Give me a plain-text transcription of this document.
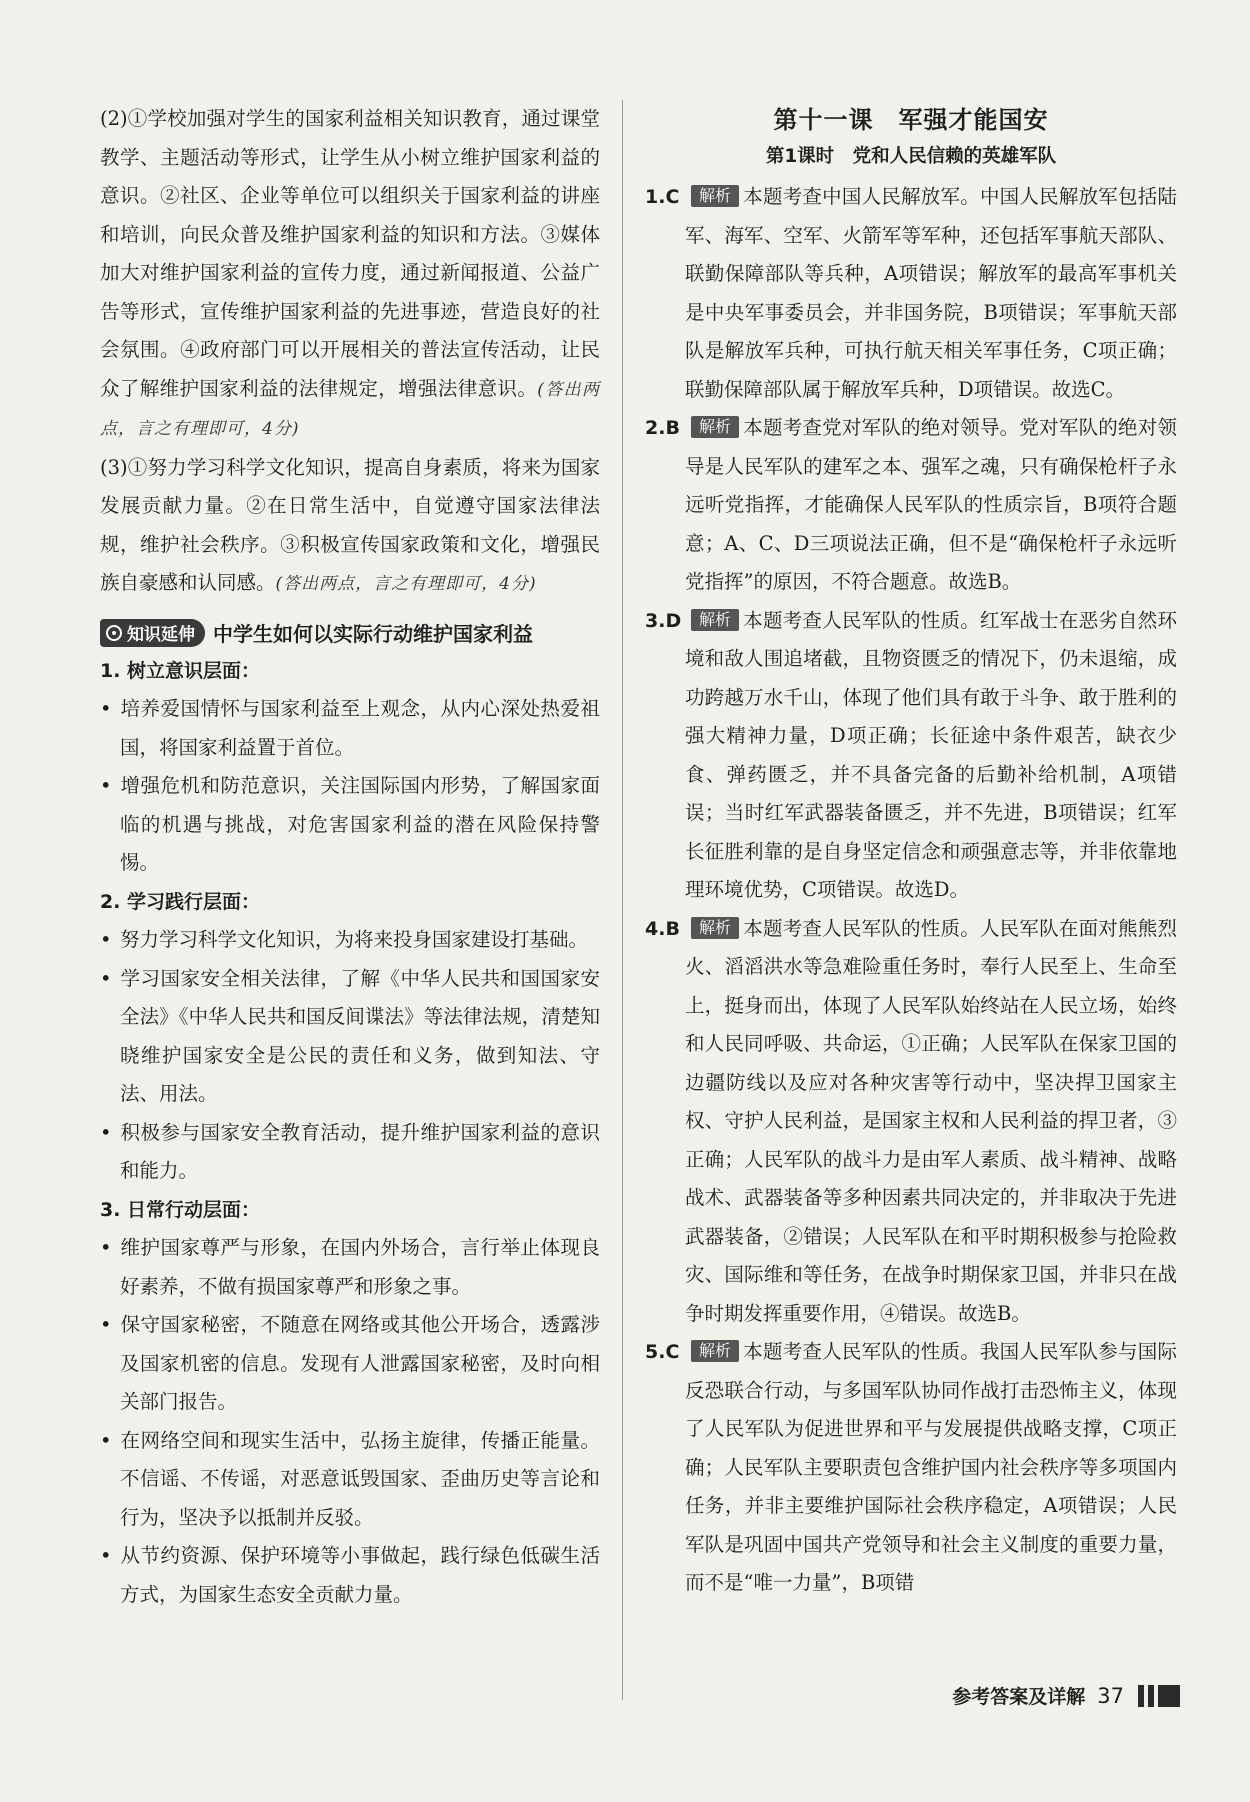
(2)①学校加强对学生的国家利益相关知识教育，通过课堂教学、主题活动等形式，让学生从小树立维护国家利益的意识。②社区、企业等单位可以组织关于国家利益的讲座和培训，向民众普及维护国家利益的知识和方法。③媒体加大对维护国家利益的宣传力度，通过新闻报道、公益广告等形式，宣传维护国家利益的先进事迹，营造良好的社会氛围。④政府部门可以开展相关的普法宣传活动，让民众了解维护国家利益的法律规定，增强法律意识。(答出两点，言之有理即可，4分)

(3)①努力学习科学文化知识，提高自身素质，将来为国家发展贡献力量。②在日常生活中，自觉遵守国家法律法规，维护社会秩序。③积极宣传国家政策和文化，增强民族自豪感和认同感。(答出两点，言之有理即可，4分)

知识延伸 中学生如何以实际行动维护国家利益

1. 树立意识层面：

• 培养爱国情怀与国家利益至上观念，从内心深处热爱祖国，将国家利益置于首位。

• 增强危机和防范意识，关注国际国内形势，了解国家面临的机遇与挑战，对危害国家利益的潜在风险保持警惕。

2. 学习践行层面：

• 努力学习科学文化知识，为将来投身国家建设打基础。

• 学习国家安全相关法律，了解《中华人民共和国国家安全法》《中华人民共和国反间谍法》等法律法规，清楚知晓维护国家安全是公民的责任和义务，做到知法、守法、用法。

• 积极参与国家安全教育活动，提升维护国家利益的意识和能力。

3. 日常行动层面：

• 维护国家尊严与形象，在国内外场合，言行举止体现良好素养，不做有损国家尊严和形象之事。

• 保守国家秘密，不随意在网络或其他公开场合，透露涉及国家机密的信息。发现有人泄露国家秘密，及时向相关部门报告。

• 在网络空间和现实生活中，弘扬主旋律，传播正能量。不信谣、不传谣，对恶意诋毁国家、歪曲历史等言论和行为，坚决予以抵制并反驳。

• 从节约资源、保护环境等小事做起，践行绿色低碳生活方式，为国家生态安全贡献力量。

第十一课　军强才能国安

第1课时　党和人民信赖的英雄军队

1.C 解析 本题考查中国人民解放军。中国人民解放军包括陆军、海军、空军、火箭军等军种，还包括军事航天部队、联勤保障部队等兵种，A项错误；解放军的最高军事机关是中央军事委员会，并非国务院，B项错误；军事航天部队是解放军兵种，可执行航天相关军事任务，C项正确；联勤保障部队属于解放军兵种，D项错误。故选C。

2.B 解析 本题考查党对军队的绝对领导。党对军队的绝对领导是人民军队的建军之本、强军之魂，只有确保枪杆子永远听党指挥，才能确保人民军队的性质宗旨，B项符合题意；A、C、D三项说法正确，但不是“确保枪杆子永远听党指挥”的原因，不符合题意。故选B。

3.D 解析 本题考查人民军队的性质。红军战士在恶劣自然环境和敌人围追堵截，且物资匮乏的情况下，仍未退缩，成功跨越万水千山，体现了他们具有敢于斗争、敢于胜利的强大精神力量，D项正确；长征途中条件艰苦，缺衣少食、弹药匮乏，并不具备完备的后勤补给机制，A项错误；当时红军武器装备匮乏，并不先进，B项错误；红军长征胜利靠的是自身坚定信念和顽强意志等，并非依靠地理环境优势，C项错误。故选D。

4.B 解析 本题考查人民军队的性质。人民军队在面对熊熊烈火、滔滔洪水等急难险重任务时，奉行人民至上、生命至上，挺身而出，体现了人民军队始终站在人民立场，始终和人民同呼吸、共命运，①正确；人民军队在保家卫国的边疆防线以及应对各种灾害等行动中，坚决捍卫国家主权、守护人民利益，是国家主权和人民利益的捍卫者，③正确；人民军队的战斗力是由军人素质、战斗精神、战略战术、武器装备等多种因素共同决定的，并非取决于先进武器装备，②错误；人民军队在和平时期积极参与抢险救灾、国际维和等任务，在战争时期保家卫国，并非只在战争时期发挥重要作用，④错误。故选B。

5.C 解析 本题考查人民军队的性质。我国人民军队参与国际反恐联合行动，与多国军队协同作战打击恐怖主义，体现了人民军队为促进世界和平与发展提供战略支撑，C项正确；人民军队主要职责包含维护国内社会秩序等多项国内任务，并非主要维护国际社会秩序稳定，A项错误；人民军队是巩固中国共产党领导和社会主义制度的重要力量，而不是“唯一力量”，B项错

参考答案及详解 37
